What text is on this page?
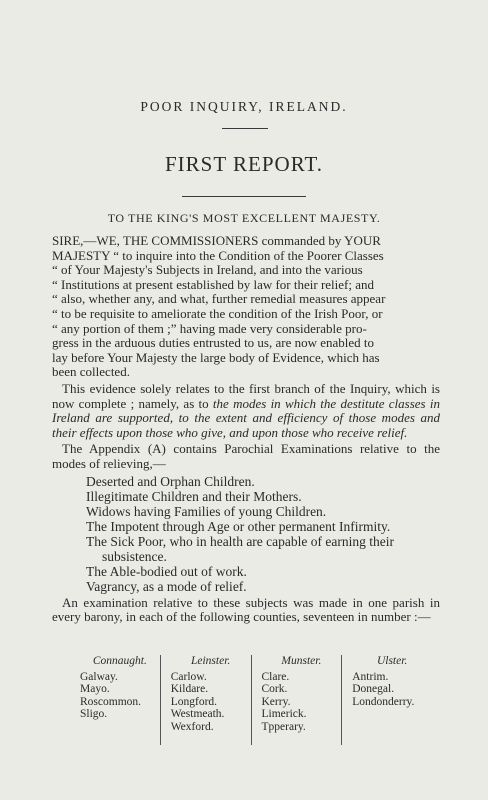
POOR INQUIRY, IRELAND.
FIRST REPORT.
TO THE KING'S MOST EXCELLENT MAJESTY.

SIRE,—WE, THE COMMISSIONERS commanded by YOUR
MAJESTY “ to inquire into the Condition of the Poorer Classes
“ of Your Majesty's Subjects in Ireland, and into the various
“ Institutions at present established by law for their relief; and
“ also, whether any, and what, further remedial measures appear
“ to be requisite to ameliorate the condition of the Irish Poor, or
“ any portion of them ;” having made very considerable pro-
gress in the arduous duties entrusted to us, are now enabled to
lay before Your Majesty the large body of Evidence, which has
been collected.

This evidence solely relates to the first branch of the Inquiry, which is now complete ; namely, as to the modes in which the destitute classes in Ireland are supported, to the extent and efficiency of those modes and their effects upon those who give, and upon those who receive relief.

The Appendix (A) contains Parochial Examinations relative to the modes of relieving,—

Deserted and Orphan Children.
Illegitimate Children and their Mothers.
Widows having Families of young Children.
The Impotent through Age or other permanent Infirmity.
The Sick Poor, who in health are capable of earning their subsistence.
The Able-bodied out of work.
Vagrancy, as a mode of relief.

An examination relative to these subjects was made in one parish in every barony, in each of the following counties, seventeen in number :—

Connaught.
Galway.
Mayo.
Roscommon.
Sligo.
Leinster.
Carlow.
Kildare.
Longford.
Westmeath.
Wexford.
Munster.
Clare.
Cork.
Kerry.
Limerick.
Tpperary.
Ulster.
Antrim.
Donegal.
Londonderry.
